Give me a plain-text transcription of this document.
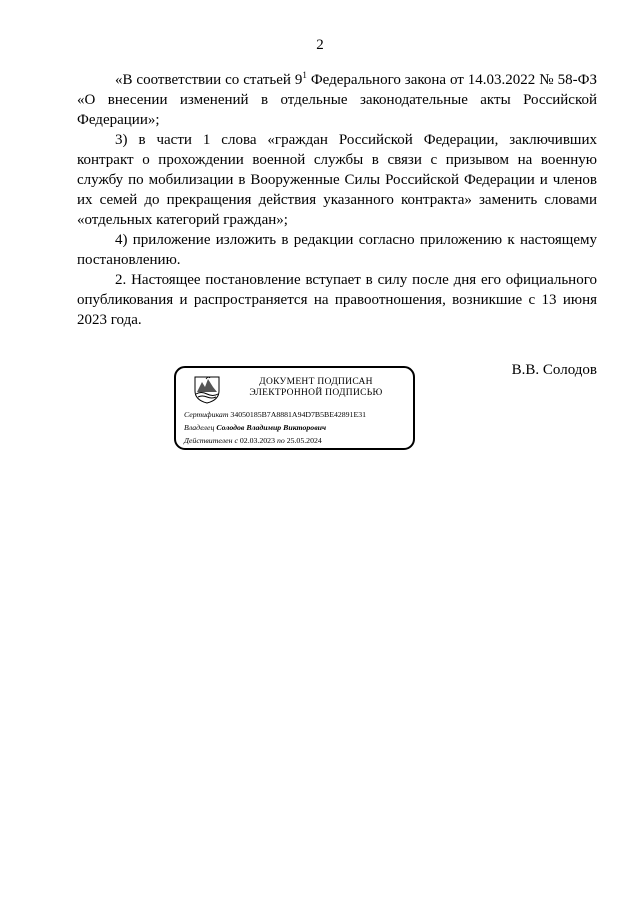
2

«В соответствии со статьей $9^1$ Федерального закона от 14.03.2022 № 58-ФЗ «О внесении изменений в отдельные законодательные акты Российской Федерации»;

3) в части 1 слова «граждан Российской Федерации, заключивших контракт о прохождении военной службы в связи с призывом на военную службу по мобилизации в Вооруженные Силы Российской Федерации и членов их семей до прекращения действия указанного контракта» заменить словами «отдельных категорий граждан»;

4) приложение изложить в редакции согласно приложению к настоящему постановлению.

2. Настоящее постановление вступает в силу после дня его официального опубликования и распространяется на правоотношения, возникшие с 13 июня 2023 года.

В.В. Солодов
ДОКУМЕНТ ПОДПИСАН
ЭЛЕКТРОННОЙ ПОДПИСЬЮ
Сертификат 34050185B7A8881A94D7B5BE42891E31
Владелец Солодов Владимир Викторович
Действителен с 02.03.2023 по 25.05.2024
